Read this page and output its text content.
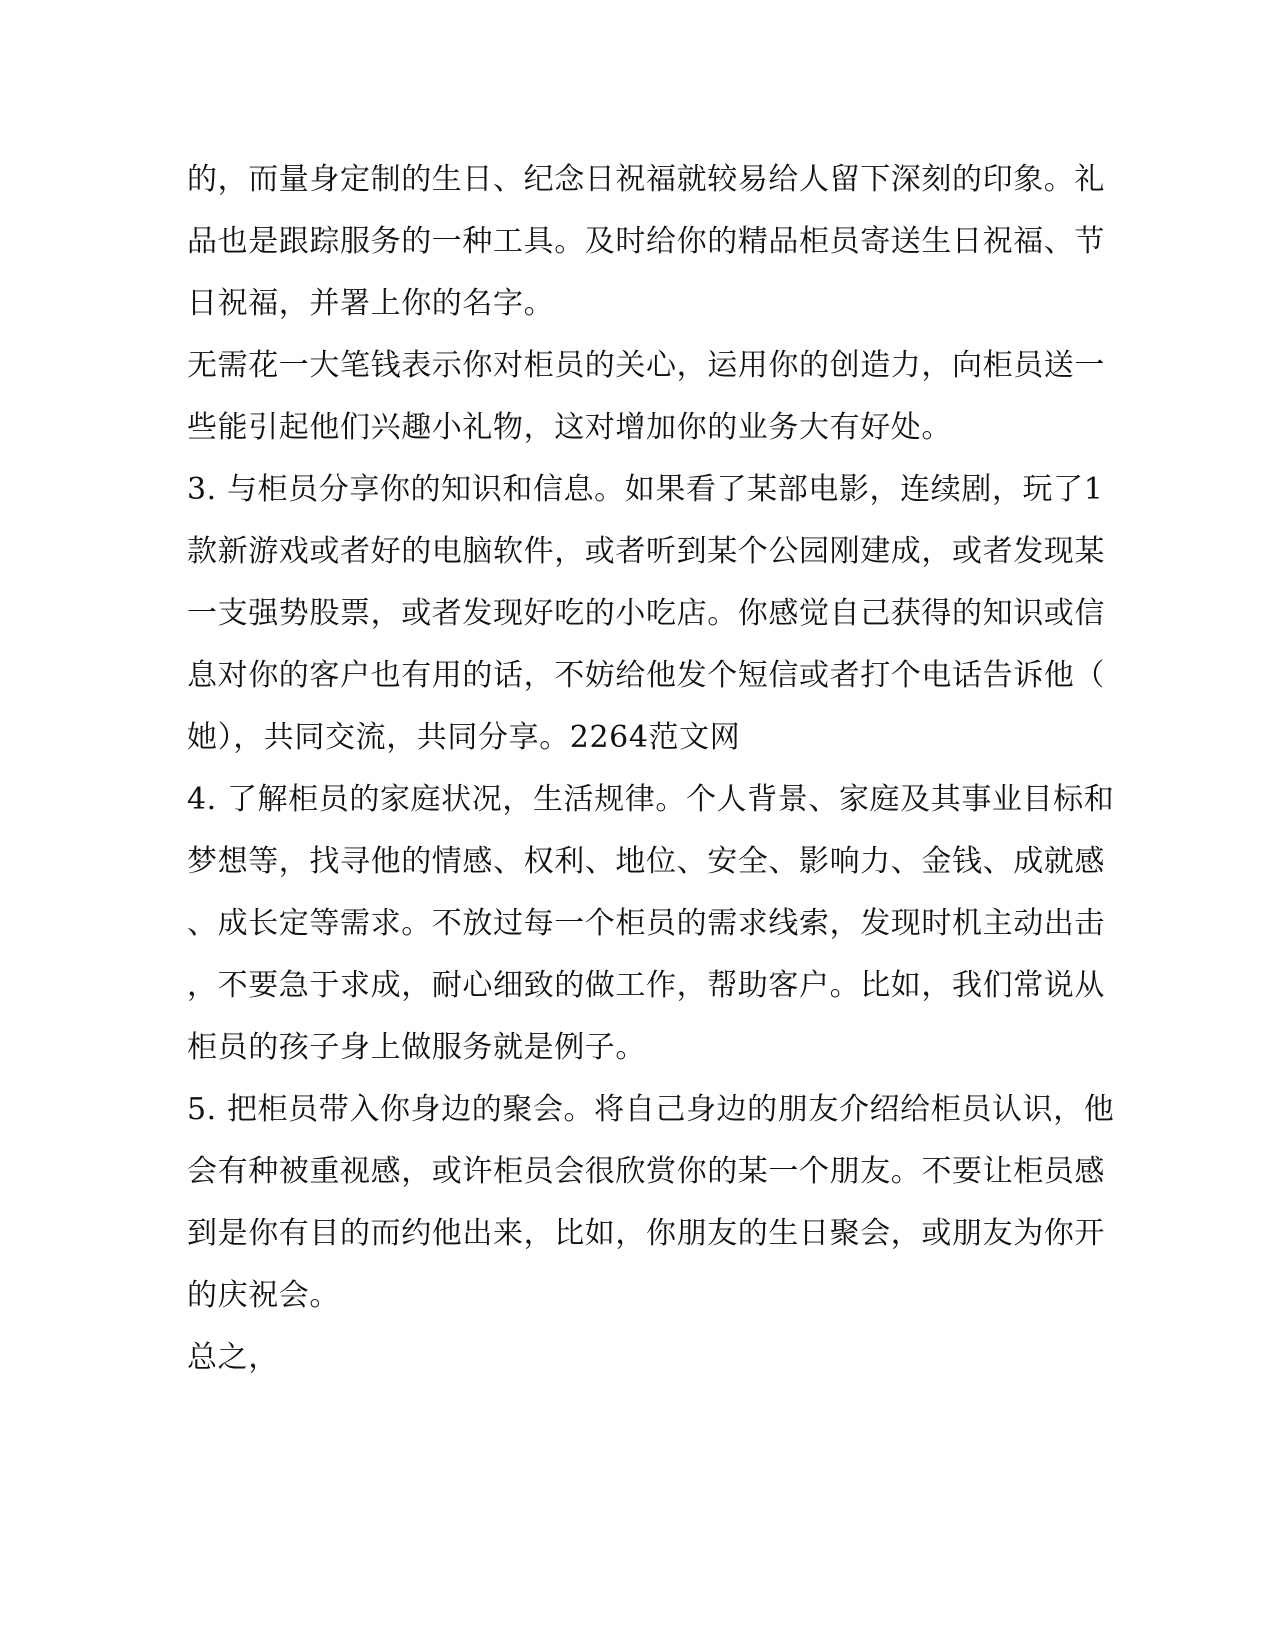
的，而量身定制的生日、纪念日祝福就较易给人留下深刻的印象。礼
品也是跟踪服务的一种工具。及时给你的精品柜员寄送生日祝福、节
日祝福，并署上你的名字。
无需花一大笔钱表示你对柜员的关心，运用你的创造力，向柜员送一
些能引起他们兴趣小礼物，这对增加你的业务大有好处。
3. 与柜员分享你的知识和信息。如果看了某部电影，连续剧，玩了1
款新游戏或者好的电脑软件，或者听到某个公园刚建成，或者发现某
一支强势股票，或者发现好吃的小吃店。你感觉自己获得的知识或信
息对你的客户也有用的话，不妨给他发个短信或者打个电话告诉他（
她），共同交流，共同分享。2264范文网
4. 了解柜员的家庭状况，生活规律。个人背景、家庭及其事业目标和
梦想等，找寻他的情感、权利、地位、安全、影响力、金钱、成就感
、成长定等需求。不放过每一个柜员的需求线索，发现时机主动出击
，不要急于求成，耐心细致的做工作，帮助客户。比如，我们常说从
柜员的孩子身上做服务就是例子。
5. 把柜员带入你身边的聚会。将自己身边的朋友介绍给柜员认识，他
会有种被重视感，或许柜员会很欣赏你的某一个朋友。不要让柜员感
到是你有目的而约他出来，比如，你朋友的生日聚会，或朋友为你开
的庆祝会。
总之，
